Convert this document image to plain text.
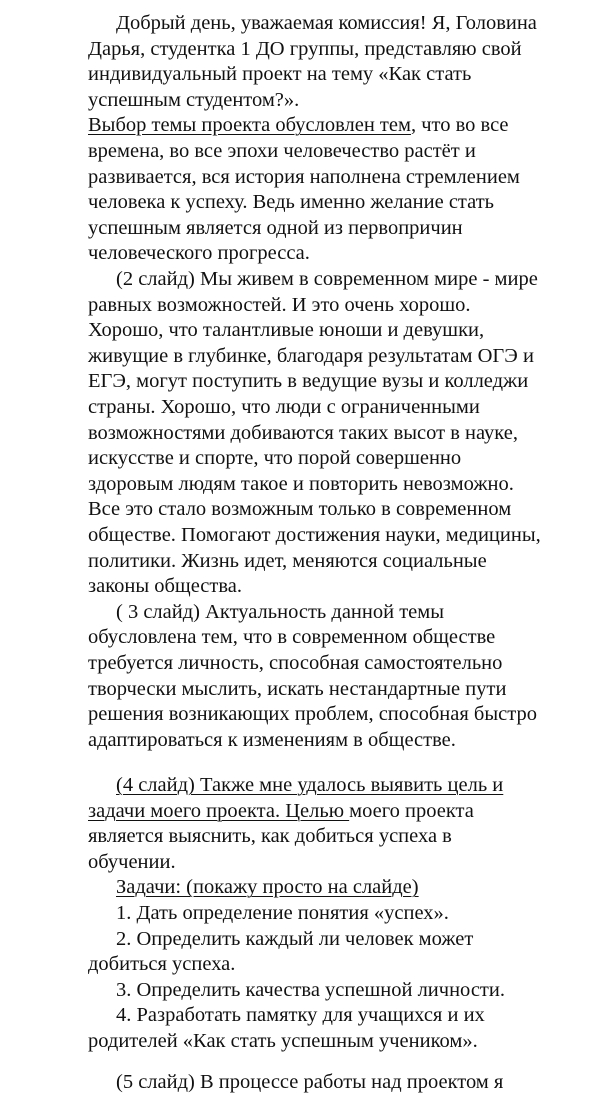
Добрый день, уважаемая комиссия! Я, Головина
Дарья, студентка 1 ДО группы, представляю свой
индивидуальный проект на тему «Как стать
успешным студентом?».
Выбор темы проекта обусловлен тем, что во все
времена, во все эпохи человечество растёт и
развивается, вся история наполнена стремлением
человека к успеху. Ведь именно желание стать
успешным является одной из первопричин
человеческого прогресса.
(2 слайд) Мы живем в современном мире - мире
равных возможностей. И это очень хорошо.
Хорошо, что талантливые юноши и девушки,
живущие в глубинке, благодаря результатам ОГЭ и
ЕГЭ, могут поступить в ведущие вузы и колледжи
страны. Хорошо, что люди с ограниченными
возможностями добиваются таких высот в науке,
искусстве и спорте, что порой совершенно
здоровым людям такое и повторить невозможно.
Все это стало возможным только в современном
обществе. Помогают достижения науки, медицины,
политики. Жизнь идет, меняются социальные
законы общества.
( 3 слайд) Актуальность данной темы
обусловлена тем, что в современном обществе
требуется личность, способная самостоятельно
творчески мыслить, искать нестандартные пути
решения возникающих проблем, способная быстро
адаптироваться к изменениям в обществе.
(4 слайд) Также мне удалось выявить цель и
задачи моего проекта. Целью моего проекта
является выяснить, как добиться успеха в
обучении.
Задачи: (покажу просто на слайде)
1. Дать определение понятия «успех».
2. Определить каждый ли человек может
добиться успеха.
3. Определить качества успешной личности.
4. Разработать памятку для учащихся и их
родителей «Как стать успешным учеником».
(5 слайд) В процессе работы над проектом я
